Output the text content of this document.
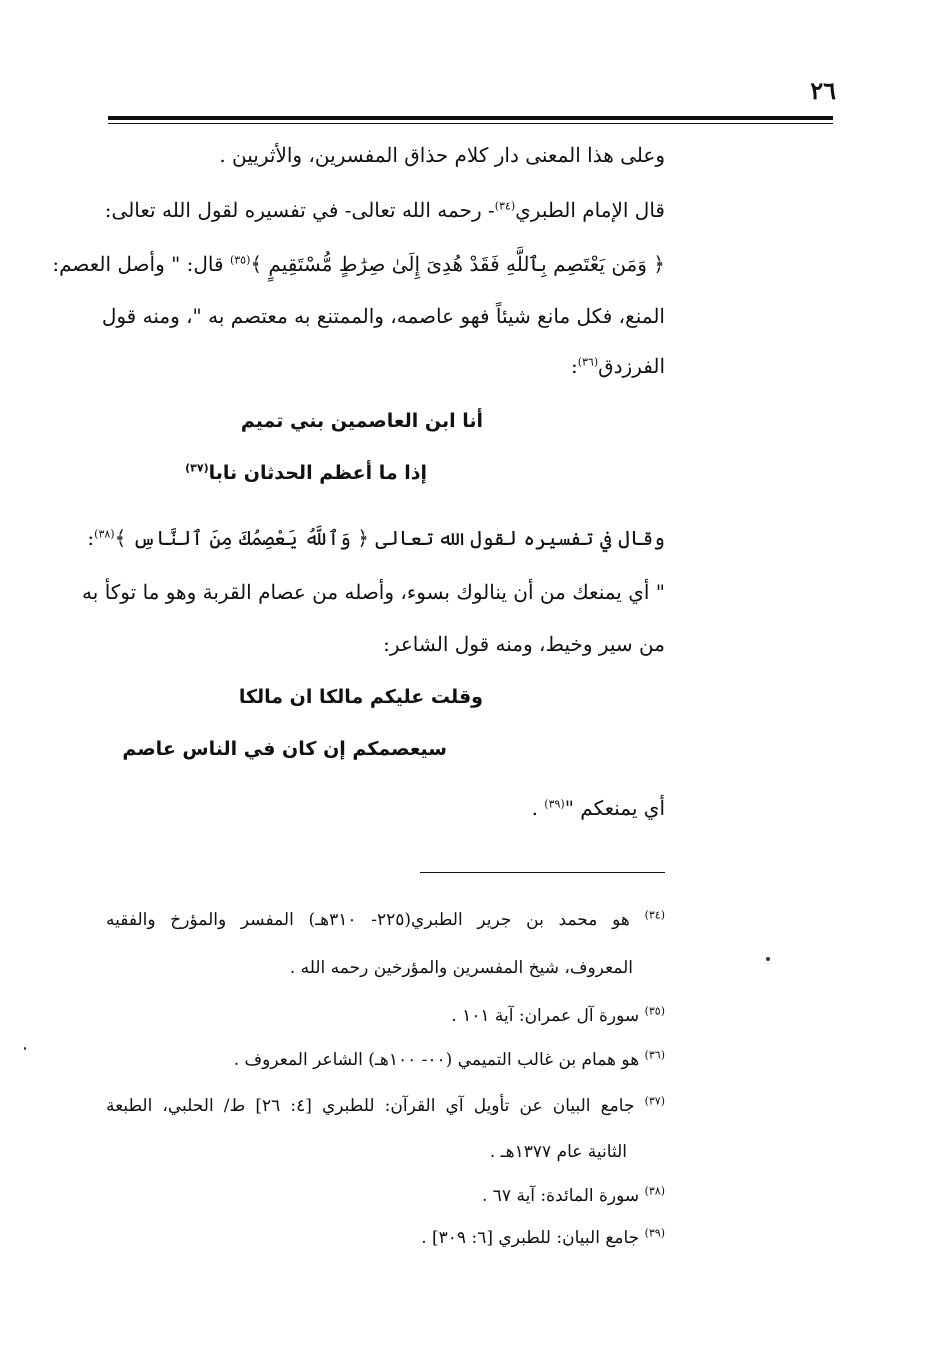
٢٦
وعلى هذا المعنى دار كلام حذاق المفسرين، والأثريين .
قال الإمام الطبري$^{(٣٤)}$- رحمه الله تعالى- في تفسيره لقول الله تعالى:
﴿ وَمَن يَعْتَصِم بِٱللَّهِ فَقَدْ هُدِىَ إِلَىٰ صِرَٰطٍ مُّسْتَقِيمٍ ﴾$^{(٣٥)}$ قال: " وأصل العصم:
المنع، فكل مانع شيئاً فهو عاصمه، والممتنع به معتصم به "، ومنه قول
الفرزدق$^{(٣٦)}$:
أنا ابن العاصمين بني تميم
إذا ما أعظم الحدثان نابا$^{(٣٧)}$
وقال في تفسيره لقول الله تعالى ﴿ وَٱللَّهُ يَعْصِمُكَ مِنَ ٱلنَّاسِ ﴾$^{(٣٨)}$:
" أي يمنعك من أن ينالوك بسوء، وأصله من عصام القربة وهو ما توكأ به
من سير وخيط، ومنه قول الشاعر:
وقلت عليكم مالكا ان مالكا
سيعصمكم إن كان في الناس عاصم
أي يمنعكم "$^{(٣٩)}$ .
$^{(٣٤)}$ هو محمد بن جرير الطبري(٢٢٥- ٣١٠هـ) المفسر والمؤرخ والفقيه
المعروف، شيخ المفسرين والمؤرخين رحمه الله .
$^{(٣٥)}$ سورة آل عمران: آية ١٠١ .
$^{(٣٦)}$ هو همام بن غالب التميمي (٠٠- ١٠٠هـ) الشاعر المعروف .
$^{(٣٧)}$ جامع البيان عن تأويل آي القرآن: للطبري [٤: ٢٦] ط/ الحلبي، الطبعة
الثانية عام ١٣٧٧هـ .
$^{(٣٨)}$ سورة المائدة: آية ٦٧ .
$^{(٣٩)}$ جامع البيان: للطبري [٦: ٣٠٩] .
